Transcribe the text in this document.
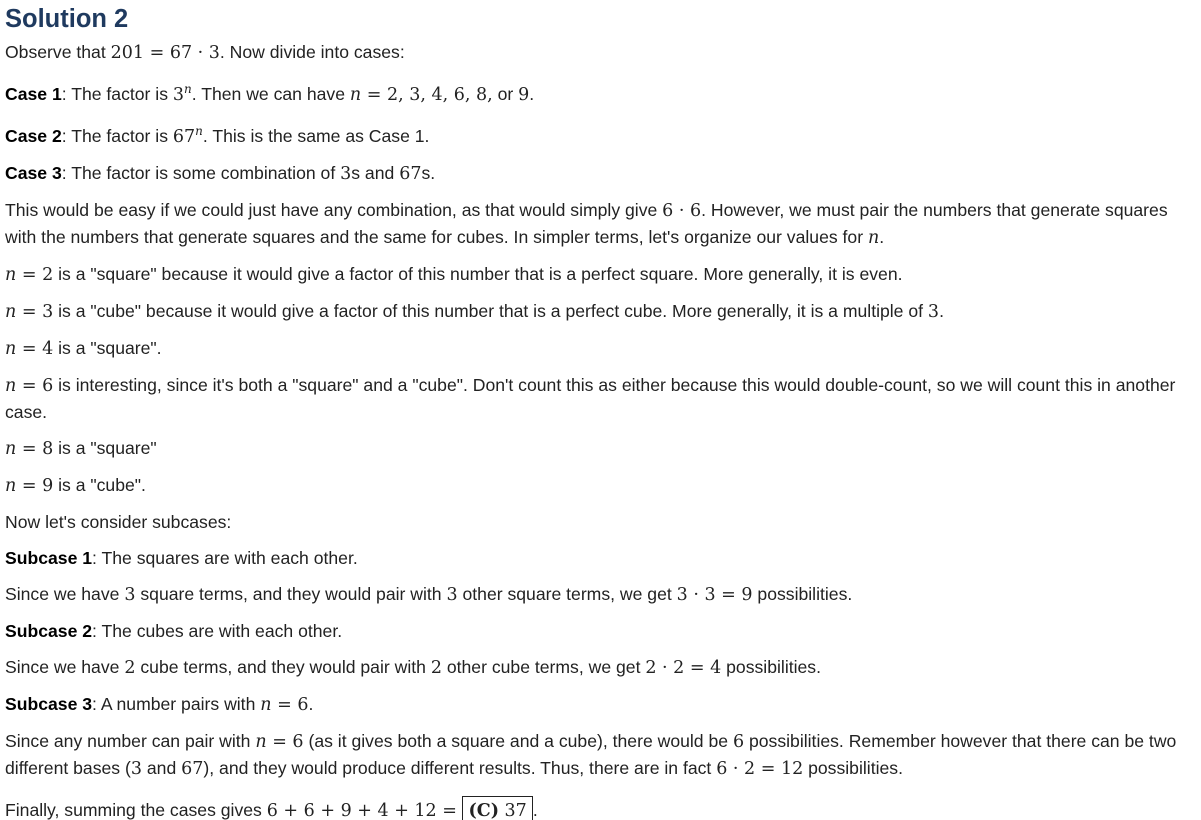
Solution 2

Observe that 201 = 67 · 3. Now divide into cases:

Case 1: The factor is 3$^n$. Then we can have n = 2, 3, 4, 6, 8, or 9.

Case 2: The factor is 67$^n$. This is the same as Case 1.

Case 3: The factor is some combination of 3s and 67s.

This would be easy if we could just have any combination, as that would simply give 6 · 6. However, we must pair the numbers that generate squares with the numbers that generate squares and the same for cubes. In simpler terms, let's organize our values for n.

n = 2 is a "square" because it would give a factor of this number that is a perfect square. More generally, it is even.

n = 3 is a "cube" because it would give a factor of this number that is a perfect cube. More generally, it is a multiple of 3.

n = 4 is a "square".

n = 6 is interesting, since it's both a "square" and a "cube". Don't count this as either because this would double-count, so we will count this in another case.

n = 8 is a "square"

n = 9 is a "cube".

Now let's consider subcases:

Subcase 1: The squares are with each other.

Since we have 3 square terms, and they would pair with 3 other square terms, we get 3 · 3 = 9 possibilities.

Subcase 2: The cubes are with each other.

Since we have 2 cube terms, and they would pair with 2 other cube terms, we get 2 · 2 = 4 possibilities.

Subcase 3: A number pairs with n = 6.

Since any number can pair with n = 6 (as it gives both a square and a cube), there would be 6 possibilities. Remember however that there can be two different bases (3 and 67), and they would produce different results. Thus, there are in fact 6 · 2 = 12 possibilities.

Finally, summing the cases gives 6 + 6 + 9 + 4 + 12 = (C) 37 .
